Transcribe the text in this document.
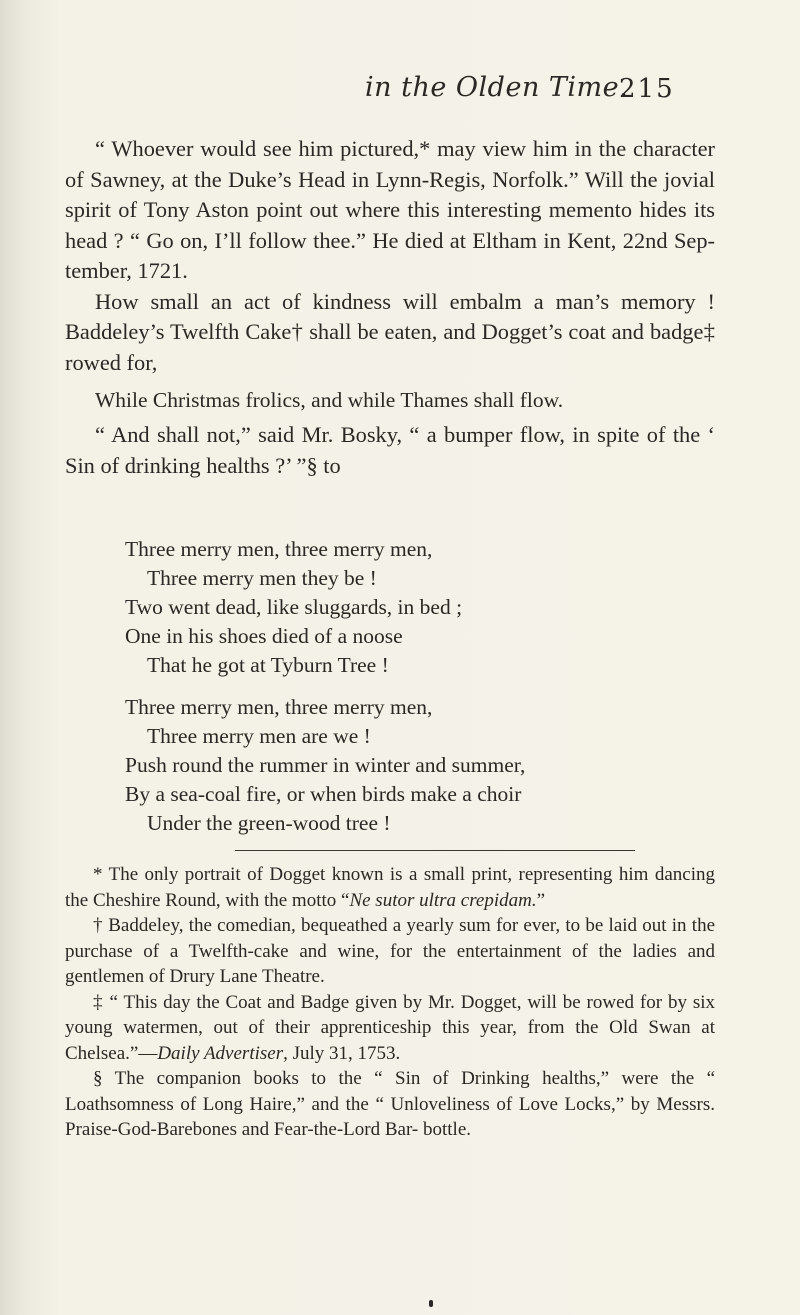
in the Olden Time.
215

“ Whoever would see him pictured,* may view him in the character of Sawney, at the Duke’s Head in Lynn-Regis, Norfolk.” Will the jovial spirit of Tony Aston point out where this interesting memento hides its head ? “ Go on, I’ll follow thee.” He died at Eltham in Kent, 22nd Sep- tember, 1721.

How small an act of kindness will embalm a man’s memory ! Baddeley’s Twelfth Cake† shall be eaten, and Dogget’s coat and badge‡ rowed for,

While Christmas frolics, and while Thames shall flow.

“ And shall not,” said Mr. Bosky, “ a bumper flow, in spite of the ‘ Sin of drinking healths ?’ ”§ to

Three merry men, three merry men,
Three merry men they be !
Two went dead, like sluggards, in bed ;
One in his shoes died of a noose
That he got at Tyburn Tree !
Three merry men, three merry men,
Three merry men are we !
Push round the rummer in winter and summer,
By a sea-coal fire, or when birds make a choir
Under the green-wood tree !

* The only portrait of Dogget known is a small print, representing him dancing the Cheshire Round, with the motto “Ne sutor ultra crepidam.”

† Baddeley, the comedian, bequeathed a yearly sum for ever, to be laid out in the purchase of a Twelfth-cake and wine, for the entertainment of the ladies and gentlemen of Drury Lane Theatre.

‡ “ This day the Coat and Badge given by Mr. Dogget, will be rowed for by six young watermen, out of their apprenticeship this year, from the Old Swan at Chelsea.”—Daily Advertiser, July 31, 1753.

§ The companion books to the “ Sin of Drinking healths,” were the “ Loathsomness of Long Haire,” and the “ Unloveliness of Love Locks,” by Messrs. Praise-God-Barebones and Fear-the-Lord Bar- bottle.
